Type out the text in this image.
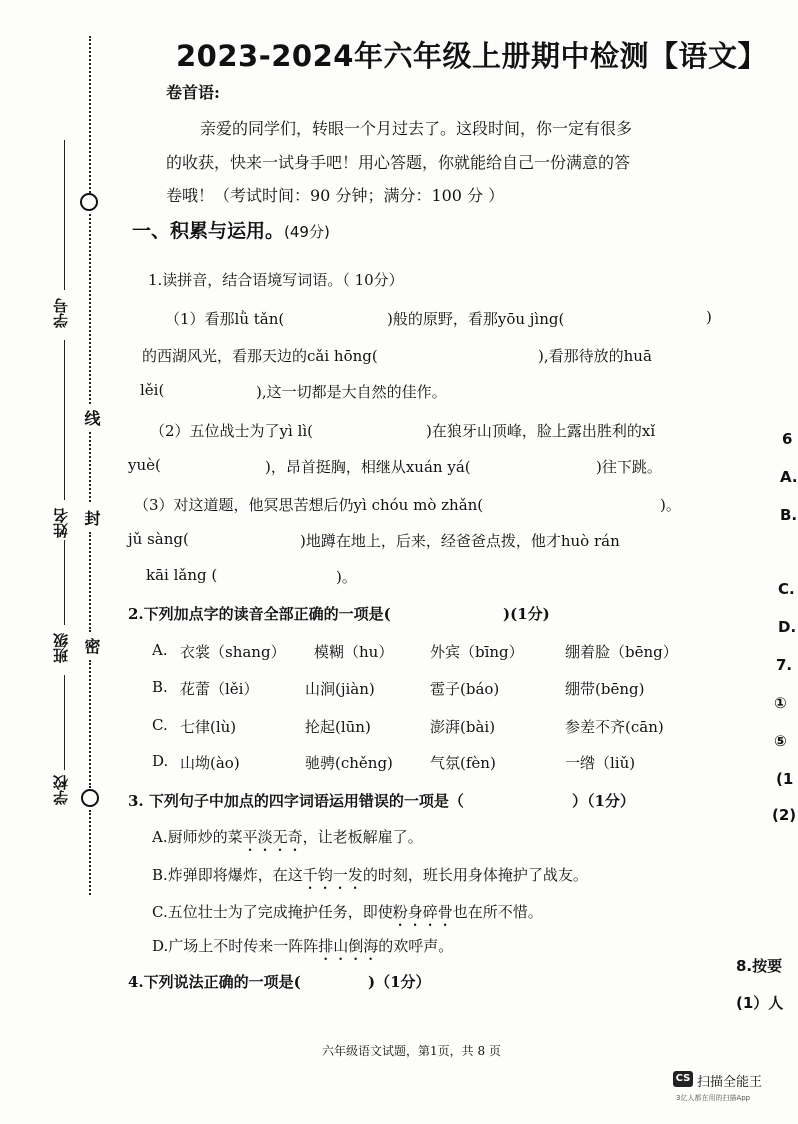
线
封
密
学号
姓名
班级
学校
2023-2024年六年级上册期中检测【语文】
卷首语:
亲爱的同学们，转眼一个月过去了。这段时间，你一定有很多
的收获，快来一试身手吧！用心答题，你就能给自己一份满意的答
卷哦！（考试时间：90 分钟；满分：100 分 ）
一、积累与运用。(49分)
1.读拼音，结合语境写词语。（ 10分）
（1）看那lǜ tǎn(	)般的原野，看那yōu jìng(	)
的西湖风光，看那天边的cǎi hōng(	),看那待放的huā
lěi(	),这一切都是大自然的佳作。
（2）五位战士为了yì lì(	)在狼牙山顶峰，脸上露出胜利的xǐ
yuè(	)，昂首挺胸，相继从xuán yá(	)往下跳。
（3）对这道题，他冥思苦想后仍yì chóu mò zhǎn(	)。
jǔ sàng(	)地蹲在地上，后来，经爸爸点拨，他才huò rán
kāi lǎng (	)。
2.下列加点字的读音全部正确的一项是(	)(1分)
A. 衣裳（shang） 模糊（hu） 外宾（bīng）	绷着脸（bēng）
B. 花蕾（lěi）	山涧(jiàn)	雹子(báo)	绷带(bēng)
C. 七律(lù)	抡起(lūn)	澎湃(bài)	参差不齐(cān)
D. 山坳(ào)	驰骋(chěng) 气氛(fèn)	一绺（liǔ)
3. 下列句子中加点的四字词语运用错误的一项是（	）（1分）
A.厨师炒的菜平淡无奇，让老板解雇了。
B.炸弹即将爆炸，在这千钧一发的时刻，班长用身体掩护了战友。
C.五位壮士为了完成掩护任务，即使粉身碎骨也在所不惜。
D.广场上不时传来一阵阵排山倒海的欢呼声。
4.下列说法正确的一项是(	)（1分）
6
A.
B.
C.
D.
7.
①
⑤
(1
(2)
8.按要
(1）人
六年级语文试题，第1页，共 8 页
CS 扫描全能王
3亿人都在用的扫描App
